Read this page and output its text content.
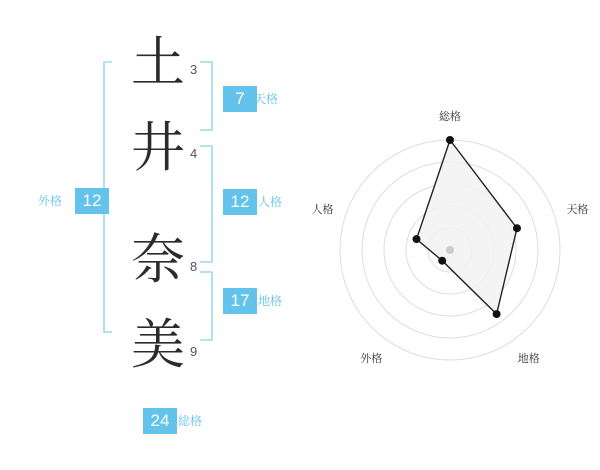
土
井
奈
美
3
4
8
9
7 天格
12 人格
17 地格
12
外格
24 総格
総格
天格
地格
外格
人格
